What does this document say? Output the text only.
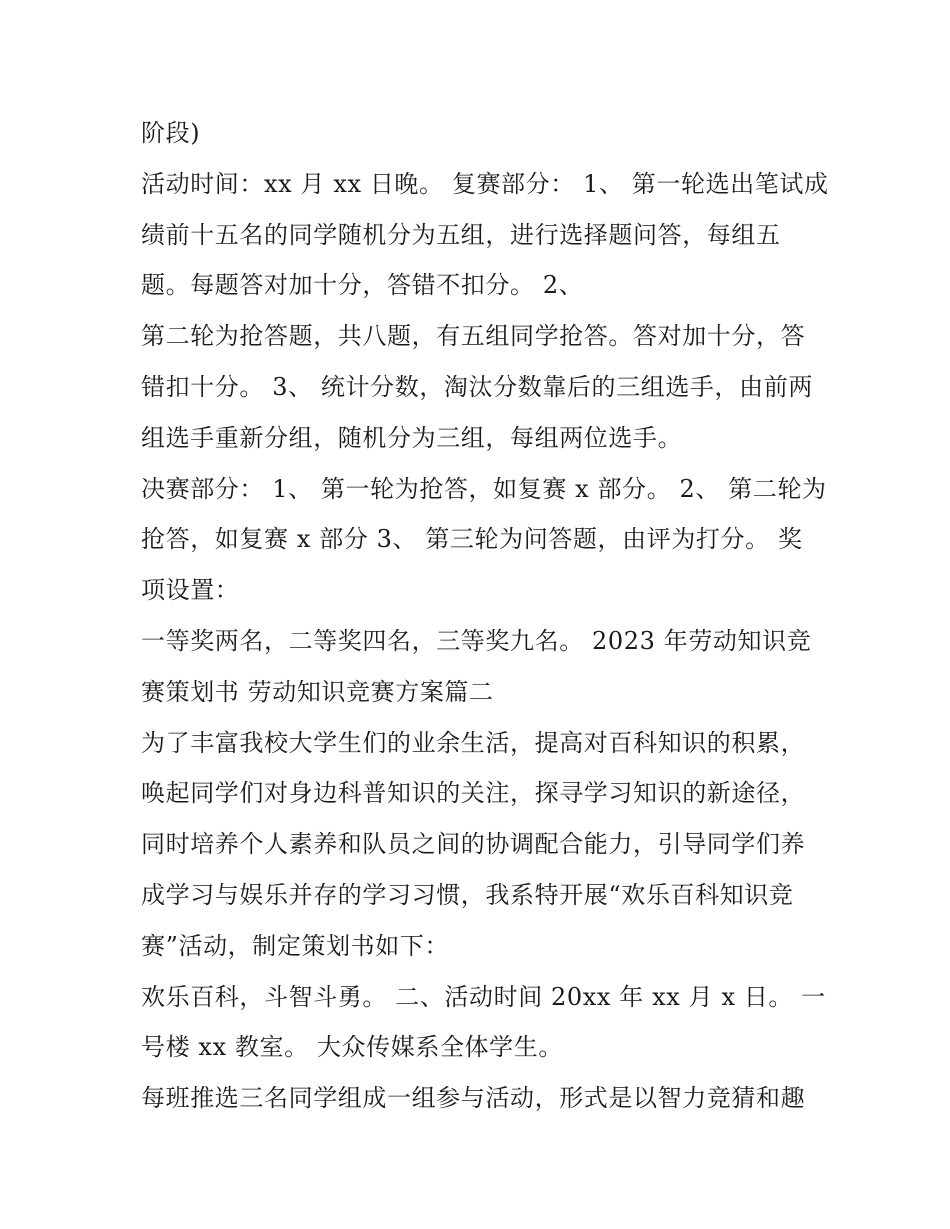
阶段)
活动时间：xx 月 xx 日晚。 复赛部分： 1、 第一轮选出笔试成
绩前十五名的同学随机分为五组，进行选择题问答，每组五
题。每题答对加十分，答错不扣分。 2、
第二轮为抢答题，共八题，有五组同学抢答。答对加十分，答
错扣十分。 3、 统计分数，淘汰分数靠后的三组选手，由前两
组选手重新分组，随机分为三组，每组两位选手。
决赛部分： 1、 第一轮为抢答，如复赛 x 部分。 2、 第二轮为
抢答，如复赛 x 部分 3、 第三轮为问答题，由评为打分。 奖
项设置：
一等奖两名，二等奖四名，三等奖九名。 2023 年劳动知识竞
赛策划书 劳动知识竞赛方案篇二
为了丰富我校大学生们的业余生活，提高对百科知识的积累，
唤起同学们对身边科普知识的关注，探寻学习知识的新途径，
同时培养个人素养和队员之间的协调配合能力，引导同学们养
成学习与娱乐并存的学习习惯，我系特开展“欢乐百科知识竞
赛”活动，制定策划书如下：
欢乐百科，斗智斗勇。 二、活动时间 20xx 年 xx 月 x 日。 一
号楼 xx 教室。 大众传媒系全体学生。
每班推选三名同学组成一组参与活动，形式是以智力竞猜和趣
